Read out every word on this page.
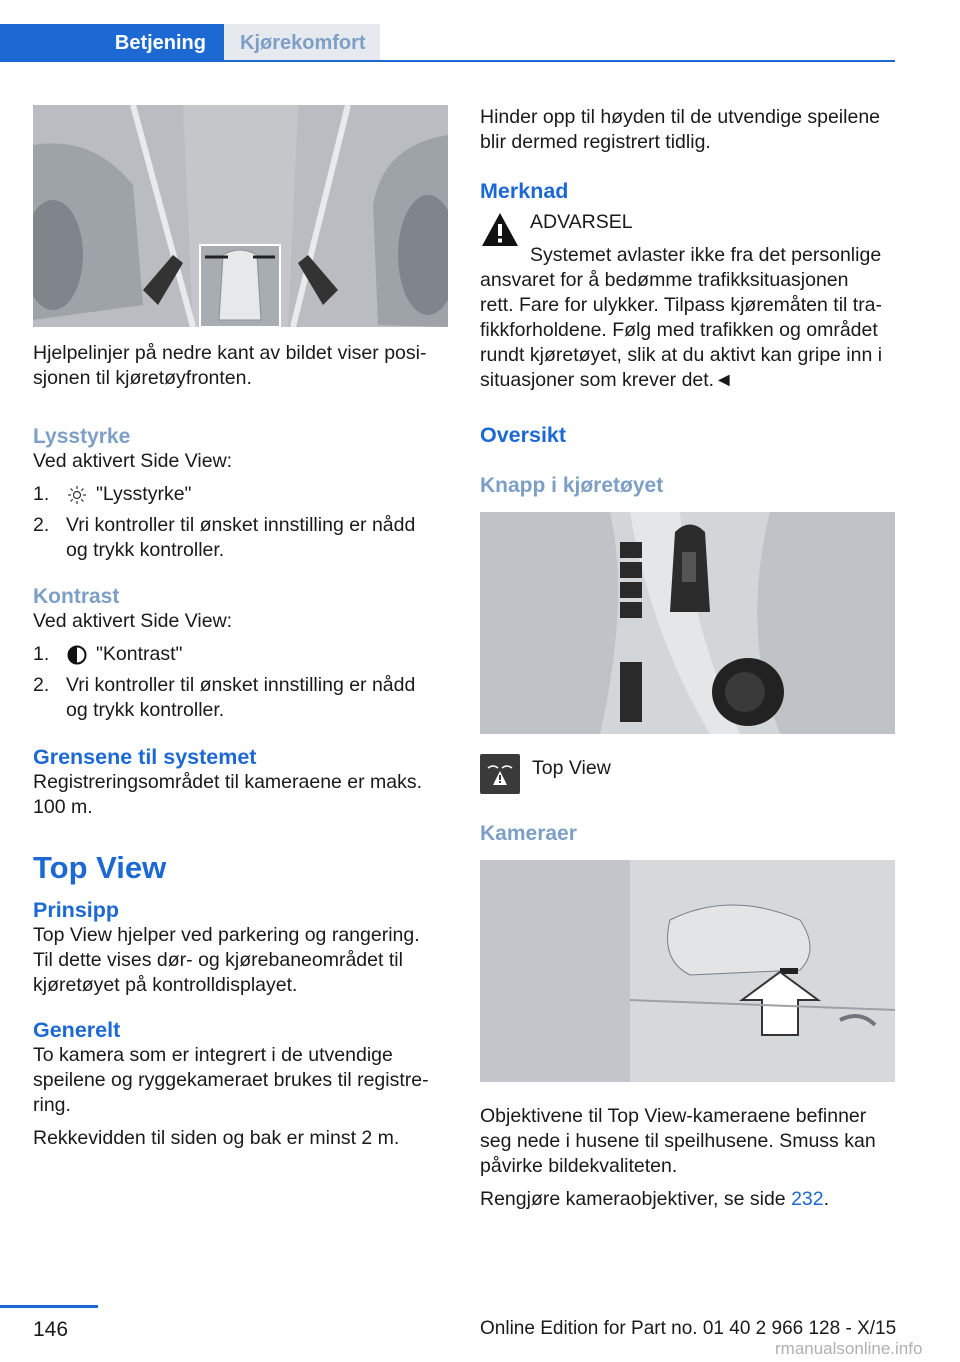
Betjening Kjørekomfort

Hjelpelinjer på nedre kant av bildet viser posi-
sjonen til kjøretøyfronten.

Lysstyrke

Ved aktivert Side View:

1.	"Lysstyrke"
2. Vri kontroller til ønsket innstilling er nådd
og trykk kontroller.
Kontrast

Ved aktivert Side View:

1.	"Kontrast"
2. Vri kontroller til ønsket innstilling er nådd
og trykk kontroller.
Grensene til systemet

Registreringsområdet til kameraene er maks.
100 m.

Top View
Prinsipp

Top View hjelper ved parkering og rangering.
Til dette vises dør- og kjørebaneområdet til
kjøretøyet på kontrolldisplayet.

Generelt

To kamera som er integrert i de utvendige
speilene og ryggekameraet brukes til registre-
ring.

Rekkevidden til siden og bak er minst 2 m.

Hinder opp til høyden til de utvendige speilene
blir dermed registrert tidlig.

Merknad

ADVARSEL

Systemet avlaster ikke fra det personlige

ansvaret for å bedømme trafikksituasjonen
rett. Fare for ulykker. Tilpass kjøremåten til tra-
fikkforholdene. Følg med trafikken og området
rundt kjøretøyet, slik at du aktivt kan gripe inn i
situasjoner som krever det.◄

Oversikt
Knapp i kjøretøyet

Top View

Kameraer

Objektivene til Top View-kameraene befinner
seg nede i husene til speilhusene. Smuss kan
påvirke bildekvaliteten.

Rengjøre kameraobjektiver, se side 232.

146	Online Edition for Part no. 01 40 2 966 128 - X/15
rmanualsonline.info
